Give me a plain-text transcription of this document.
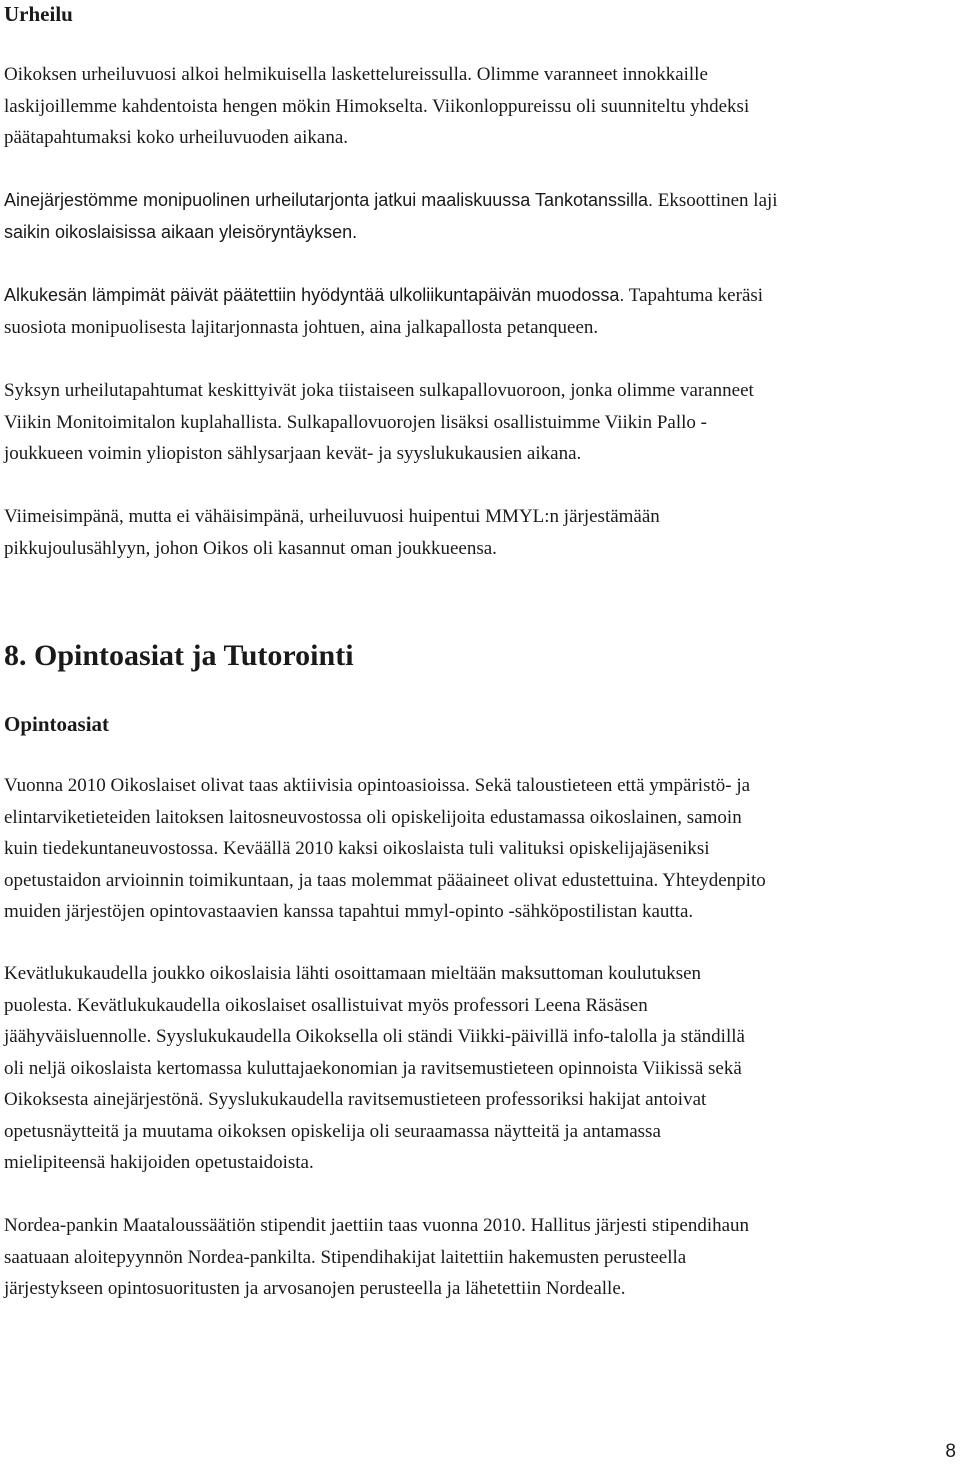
Urheilu

Oikoksen urheiluvuosi alkoi helmikuisella laskettelureissulla. Olimme varanneet innokkaille
laskijoillemme kahdentoista hengen mökin Himokselta. Viikonloppureissu oli suunniteltu yhdeksi
päätapahtumaksi koko urheiluvuoden aikana.

Ainejärjestömme monipuolinen urheilutarjonta jatkui maaliskuussa Tankotanssilla. Eksoottinen laji
saikin oikoslaisissa aikaan yleisöryntäyksen.

Alkukesän lämpimät päivät päätettiin hyödyntää ulkoliikuntapäivän muodossa. Tapahtuma keräsi
suosiota monipuolisesta lajitarjonnasta johtuen, aina jalkapallosta petanqueen.

Syksyn urheilutapahtumat keskittyivät joka tiistaiseen sulkapallovuoroon, jonka olimme varanneet
Viikin Monitoimitalon kuplahallista. Sulkapallovuorojen lisäksi osallistuimme Viikin Pallo -
joukkueen voimin yliopiston sählysarjaan kevät- ja syyslukukausien aikana.

Viimeisimpänä, mutta ei vähäisimpänä, urheiluvuosi huipentui MMYL:n järjestämään
pikkujoulusählyyn, johon Oikos oli kasannut oman joukkueensa.

8. Opintoasiat ja Tutorointi
Opintoasiat

Vuonna 2010 Oikoslaiset olivat taas aktiivisia opintoasioissa. Sekä taloustieteen että ympäristö- ja
elintarviketieteiden laitoksen laitosneuvostossa oli opiskelijoita edustamassa oikoslainen, samoin
kuin tiedekuntaneuvostossa. Keväällä 2010 kaksi oikoslaista tuli valituksi opiskelijajäseniksi
opetustaidon arvioinnin toimikuntaan, ja taas molemmat pääaineet olivat edustettuina. Yhteydenpito
muiden järjestöjen opintovastaavien kanssa tapahtui mmyl-opinto -sähköpostilistan kautta.

Kevätlukukaudella joukko oikoslaisia lähti osoittamaan mieltään maksuttoman koulutuksen
puolesta. Kevätlukukaudella oikoslaiset osallistuivat myös professori Leena Räsäsen
jäähyväisluennolle. Syyslukukaudella Oikoksella oli ständi Viikki-päivillä info-talolla ja ständillä
oli neljä oikoslaista kertomassa kuluttajaekonomian ja ravitsemustieteen opinnoista Viikissä sekä
Oikoksesta ainejärjestönä. Syyslukukaudella ravitsemustieteen professoriksi hakijat antoivat
opetusnäytteitä ja muutama oikoksen opiskelija oli seuraamassa näytteitä ja antamassa
mielipiteensä hakijoiden opetustaidoista.

Nordea-pankin Maataloussäätiön stipendit jaettiin taas vuonna 2010. Hallitus järjesti stipendihaun
saatuaan aloitepyynnön Nordea-pankilta. Stipendihakijat laitettiin hakemusten perusteella
järjestykseen opintosuoritusten ja arvosanojen perusteella ja lähetettiin Nordealle.

8
